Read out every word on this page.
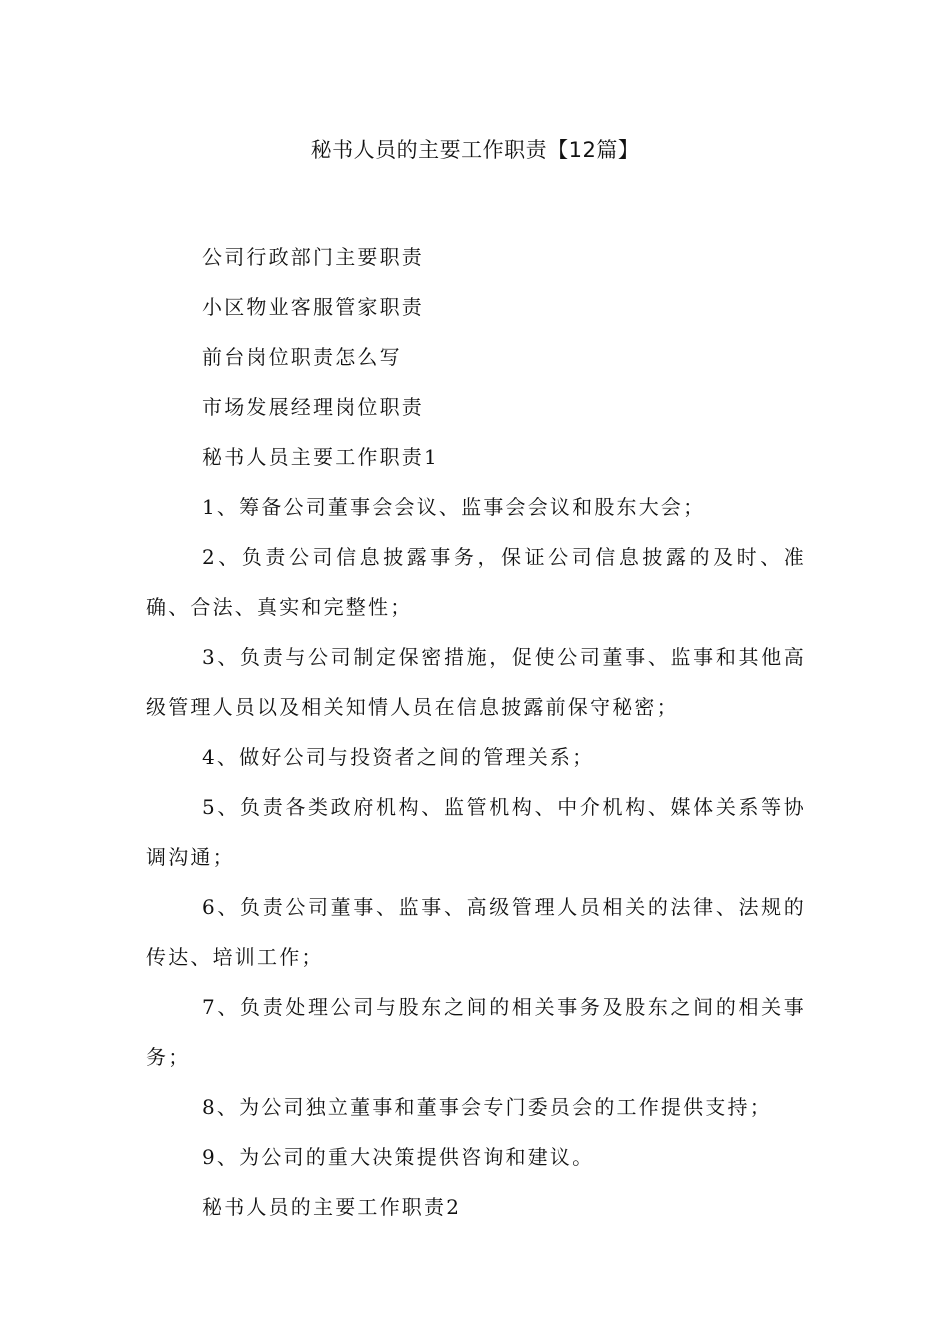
秘书人员的主要工作职责【12篇】

公司行政部门主要职责

小区物业客服管家职责

前台岗位职责怎么写

市场发展经理岗位职责

秘书人员主要工作职责1

1、筹备公司董事会会议、监事会会议和股东大会；

2、负责公司信息披露事务，保证公司信息披露的及时、准确、合法、真实和完整性；

3、负责与公司制定保密措施，促使公司董事、监事和其他高级管理人员以及相关知情人员在信息披露前保守秘密；

4、做好公司与投资者之间的管理关系；

5、负责各类政府机构、监管机构、中介机构、媒体关系等协调沟通；

6、负责公司董事、监事、高级管理人员相关的法律、法规的传达、培训工作；

7、负责处理公司与股东之间的相关事务及股东之间的相关事务；

8、为公司独立董事和董事会专门委员会的工作提供支持；

9、为公司的重大决策提供咨询和建议。

秘书人员的主要工作职责2
